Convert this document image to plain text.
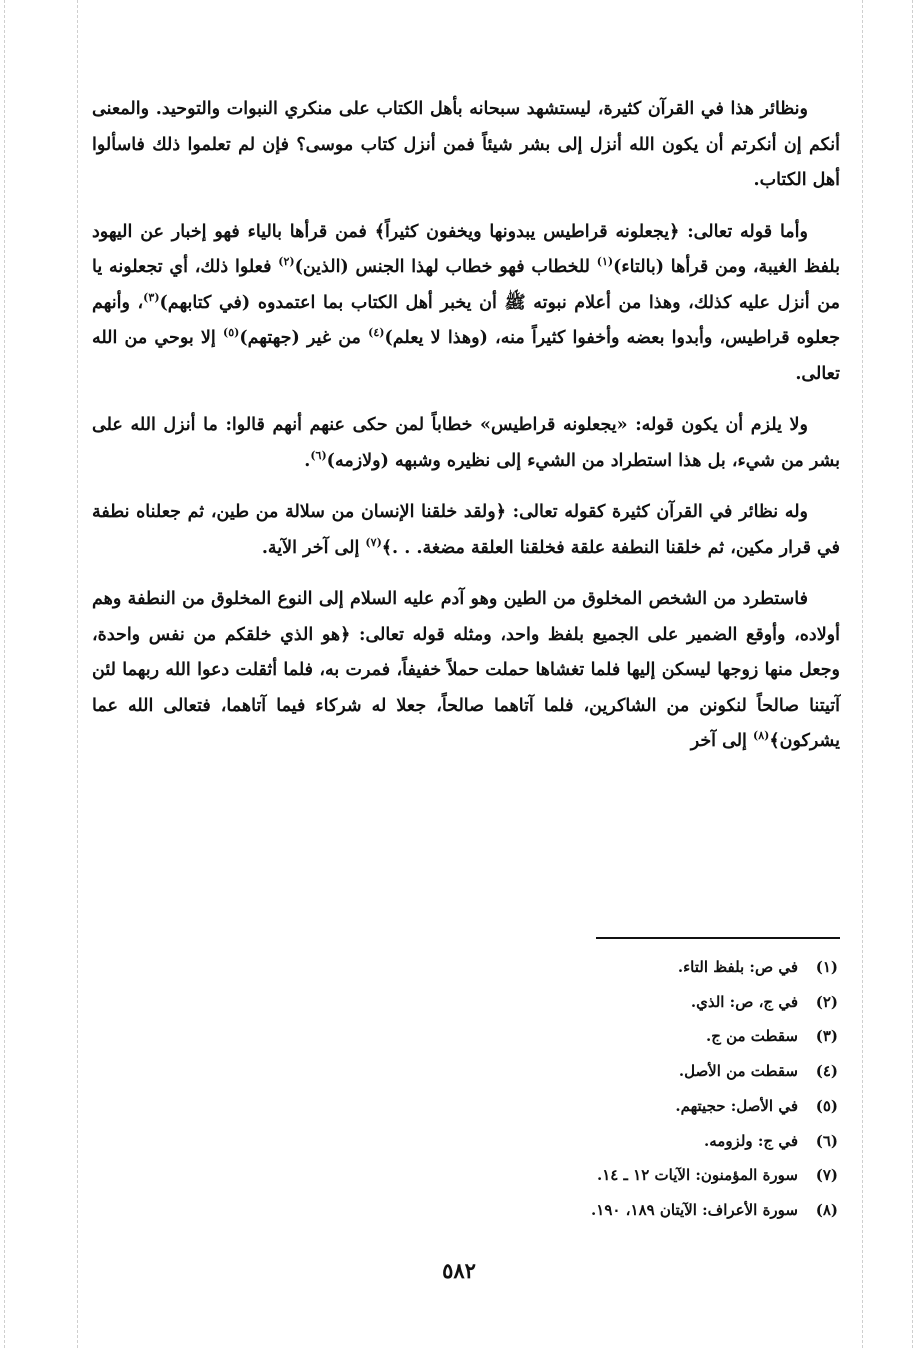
ونظائر هذا في القرآن كثيرة، ليستشهد سبحانه بأهل الكتاب على منكري النبوات والتوحيد. والمعنى أنكم إن أنكرتم أن يكون الله أنزل إلى بشر شيئاً فمن أنزل كتاب موسى؟ فإن لم تعلموا ذلك فاسألوا أهل الكتاب.

وأما قوله تعالى: ﴿يجعلونه قراطيس يبدونها ويخفون كثيراً﴾ فمن قرأها بالياء فهو إخبار عن اليهود بلفظ الغيبة، ومن قرأها (بالتاء)$^{(١)}$ للخطاب فهو خطاب لهذا الجنس (الذين)$^{(٢)}$ فعلوا ذلك، أي تجعلونه يا من أنزل عليه كذلك، وهذا من أعلام نبوته ﷺ أن يخبر أهل الكتاب بما اعتمدوه (في كتابهم)$^{(٣)}$، وأنهم جعلوه قراطيس، وأبدوا بعضه وأخفوا كثيراً منه، (وهذا لا يعلم)$^{(٤)}$ من غير (جهتهم)$^{(٥)}$ إلا بوحي من الله تعالى.

ولا يلزم أن يكون قوله: «يجعلونه قراطيس» خطاباً لمن حكى عنهم أنهم قالوا: ما أنزل الله على بشر من شيء، بل هذا استطراد من الشيء إلى نظيره وشبهه (ولازمه)$^{(٦)}$.

وله نظائر في القرآن كثيرة كقوله تعالى: ﴿ولقد خلقنا الإنسان من سلالة من طين، ثم جعلناه نطفة في قرار مكين، ثم خلقنا النطفة علقة فخلقنا العلقة مضغة. . .﴾$^{(٧)}$ إلى آخر الآية.

فاستطرد من الشخص المخلوق من الطين وهو آدم عليه السلام إلى النوع المخلوق من النطفة وهم أولاده، وأوقع الضمير على الجميع بلفظ واحد، ومثله قوله تعالى: ﴿هو الذي خلقكم من نفس واحدة، وجعل منها زوجها ليسكن إليها فلما تغشاها حملت حملاً خفيفاً، فمرت به، فلما أثقلت دعوا الله ربهما لئن آتيتنا صالحاً لنكونن من الشاكرين، فلما آتاهما صالحاً، جعلا له شركاء فيما آتاهما، فتعالى الله عما يشركون﴾$^{(٨)}$ إلى آخر

(١)في ص: بلفظ التاء.
(٢)في ج، ص: الذي.
(٣)سقطت من ج.
(٤)سقطت من الأصل.
(٥)في الأصل: حجيتهم.
(٦)في ج: ولزومه.
(٧)سورة المؤمنون: الآيات ١٢ ـ ١٤.
(٨)سورة الأعراف: الآيتان ١٨٩، ١٩٠.
٥٨٢
